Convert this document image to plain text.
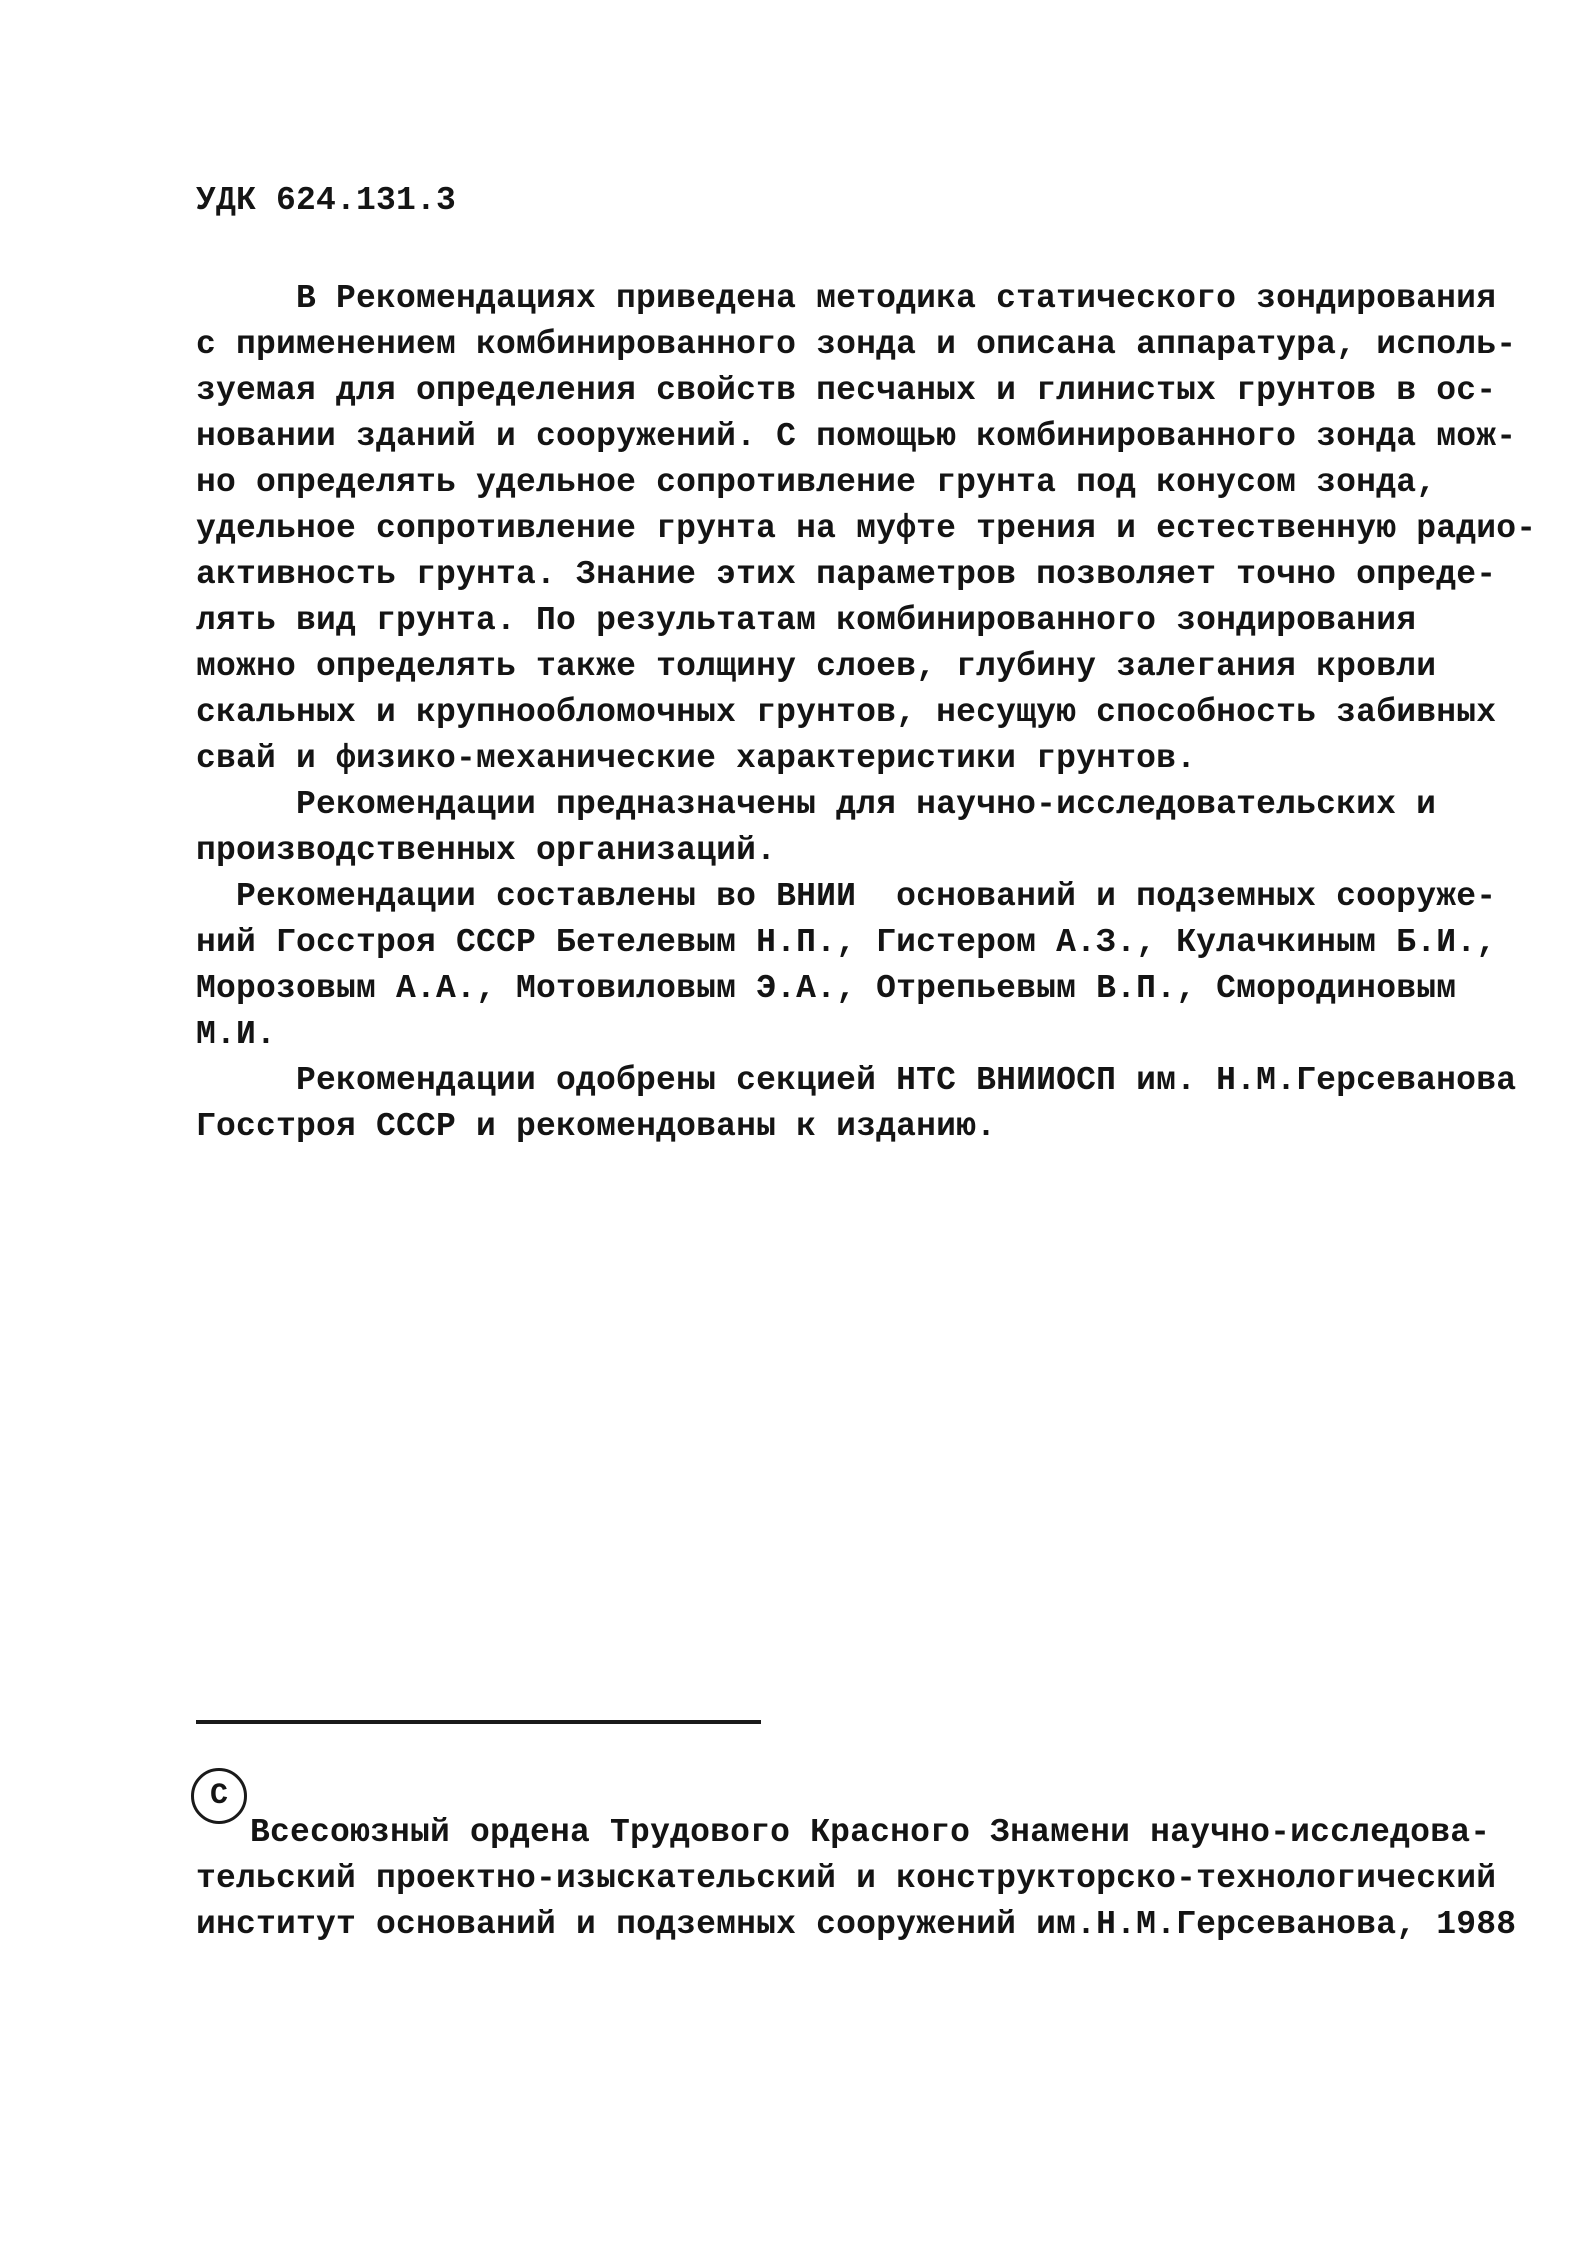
УДК 624.131.3
В Рекомендациях приведена методика статического зондирования
с применением комбинированного зонда и описана аппаратура, исполь-
зуемая для определения свойств песчаных и глинистых грунтов в ос-
новании зданий и сооружений. С помощью комбинированного зонда мож-
но определять удельное сопротивление грунта под конусом зонда,
удельное сопротивление грунта на муфте трения и естественную радио-
активность грунта. Знание этих параметров позволяет точно опреде-
лять вид грунта. По результатам комбинированного зондирования
можно определять также толщину слоев, глубину залегания кровли
скальных и крупнообломочных грунтов, несущую способность забивных
свай и физико-механические характеристики грунтов.
Рекомендации предназначены для научно-исследовательских и
производственных организаций.
Рекомендации составлены во ВНИИ  оснований и подземных сооруже-
ний Госстроя СССР Бетелевым Н.П., Гистером А.З., Кулачкиным Б.И.,
Морозовым А.А., Мотовиловым Э.А., Отрепьевым В.П., Смородиновым
М.И.
Рекомендации одобрены секцией НТС ВНИИОСП им. Н.М.Герсеванова
Госстроя СССР и рекомендованы к изданию.
С
Всесоюзный ордена Трудового Красного Знамени научно-исследова-
тельский проектно-изыскательский и конструкторско-технологический
институт оснований и подземных сооружений им.Н.М.Герсеванова, 1988
